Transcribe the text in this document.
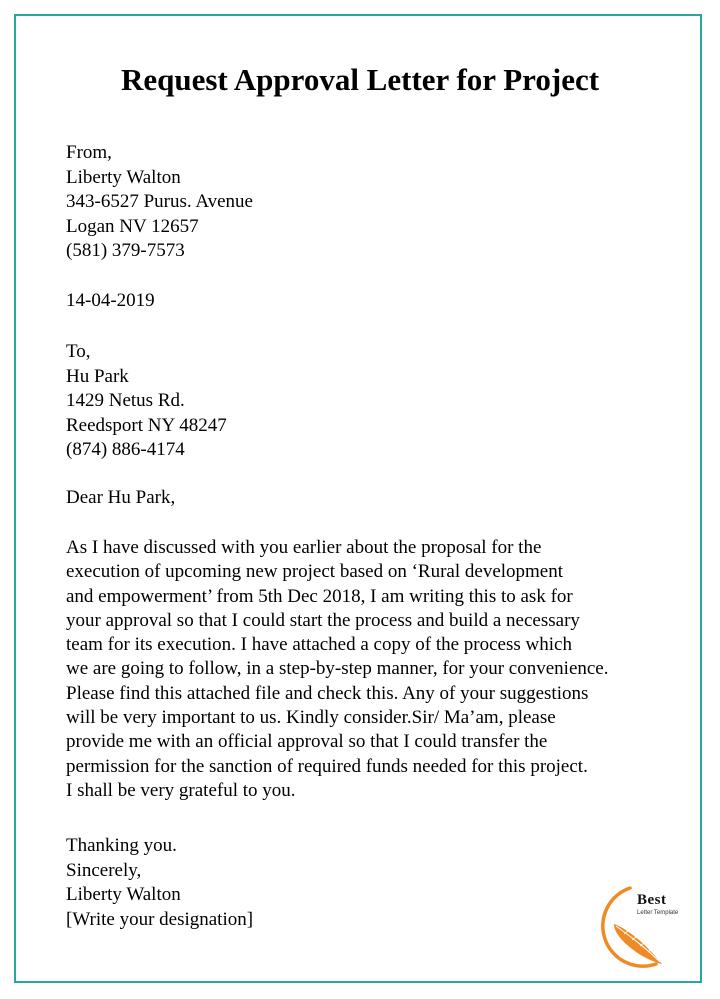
Request Approval Letter for Project
From,
Liberty Walton
343-6527 Purus. Avenue
Logan NV 12657
(581) 379-7573
14-04-2019
To,
Hu Park
1429 Netus Rd.
Reedsport NY 48247
(874) 886-4174
Dear Hu Park,
As I have discussed with you earlier about the proposal for the
execution of upcoming new project based on ‘Rural development
and empowerment’ from 5th Dec 2018, I am writing this to ask for
your approval so that I could start the process and build a necessary
team for its execution. I have attached a copy of the process which
we are going to follow, in a step-by-step manner, for your convenience.
Please find this attached file and check this. Any of your suggestions
will be very important to us. Kindly consider.Sir/ Ma’am, please
provide me with an official approval so that I could transfer the
permission for the sanction of required funds needed for this project.
I shall be very grateful to you.
Thanking you.
Sincerely,
Liberty Walton
[Write your designation]
Best
Letter Template
